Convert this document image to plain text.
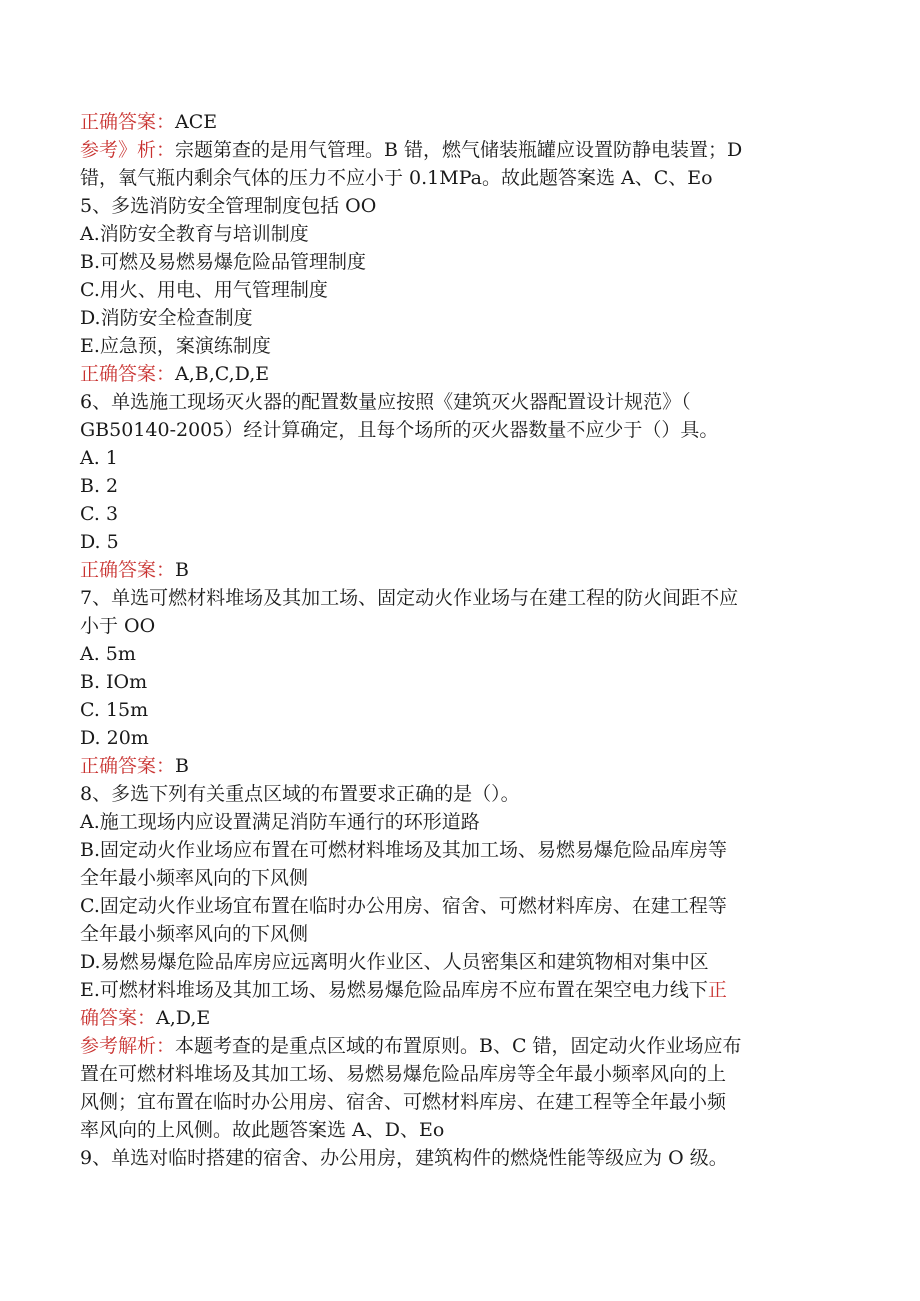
正确答案：ACE
参考》析：宗题第查的是用气管理。B 错，燃气储装瓶罐应设置防静电装置；D
错，氧气瓶内剩余气体的压力不应小于 0.1MPa。故此题答案选 A、C、Eo
5、多选消防安全管理制度包括 OO
A.消防安全教育与培训制度
B.可燃及易燃易爆危险品管理制度
C.用火、用电、用气管理制度
D.消防安全检查制度
E.应急预，案演练制度
正确答案：A,B,C,D,E
6、单选施工现场灭火器的配置数量应按照《建筑灭火器配置设计规范》（
GB50140-2005）经计算确定，且每个场所的灭火器数量不应少于（）具。
A. 1
B. 2
C. 3
D. 5
正确答案：B
7、单选可燃材料堆场及其加工场、固定动火作业场与在建工程的防火间距不应
小于 OO
A. 5m
B. IOm
C. 15m
D. 20m
正确答案：B
8、多选下列有关重点区域的布置要求正确的是（）。
A.施工现场内应设置满足消防车通行的环形道路
B.固定动火作业场应布置在可燃材料堆场及其加工场、易燃易爆危险品库房等
全年最小频率风向的下风侧
C.固定动火作业场宜布置在临时办公用房、宿舍、可燃材料库房、在建工程等
全年最小频率风向的下风侧
D.易燃易爆危险品库房应远离明火作业区、人员密集区和建筑物相对集中区
E.可燃材料堆场及其加工场、易燃易爆危险品库房不应布置在架空电力线下正
确答案：A,D,E
参考解析：本题考查的是重点区域的布置原则。B、C 错，固定动火作业场应布
置在可燃材料堆场及其加工场、易燃易爆危险品库房等全年最小频率风向的上
风侧；宜布置在临时办公用房、宿舍、可燃材料库房、在建工程等全年最小频
率风向的上风侧。故此题答案选 A、D、Eo
9、单选对临时搭建的宿舍、办公用房，建筑构件的燃烧性能等级应为 O 级。
